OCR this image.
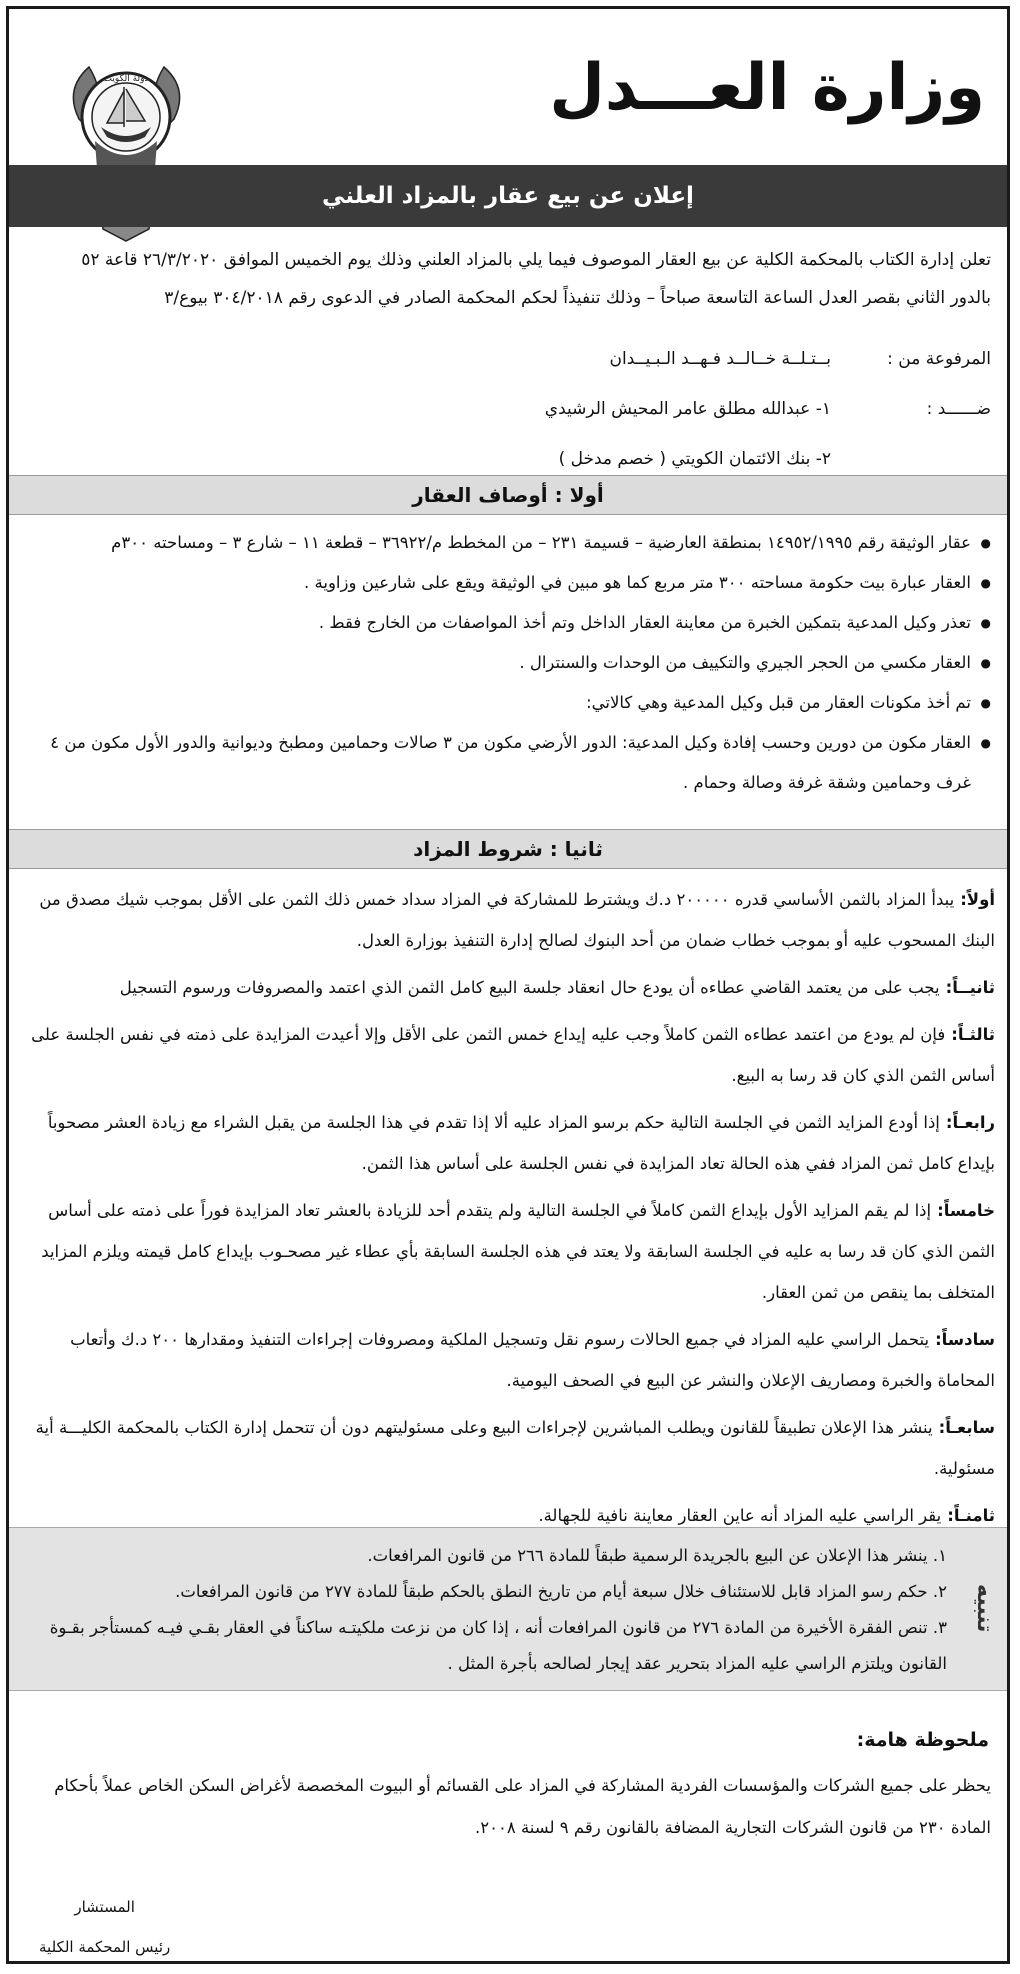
وزارة العـــدل
دولة الكويت
إعلان عن بيع عقار بالمزاد العلني

تعلن إدارة الكتاب بالمحكمة الكلية عن بيع العقار الموصوف فيما يلي بالمزاد العلني وذلك يوم الخميس الموافق ٢٦/٣/٢٠٢٠ قاعة ٥٢

بالدور الثاني بقصر العدل الساعة التاسعة صباحاً – وذلك تنفيذاً لحكم المحكمة الصادر في الدعوى رقم ٣٠٤/٢٠١٨ بيوع/٣

المرفوعة من :
بــتـلــة خــالــد فـهــد الـبـيــدان
ضــــــد :
١- عبدالله مطلق عامر المحيش الرشيدي
٢- بنك الائتمان الكويتي ( خصم مدخل )
أولا : أوصاف العقار
● عقار الوثيقة رقم ١٤٩٥٢/١٩٩٥ بمنطقة العارضية – قسيمة ٢٣١ – من المخطط م/٣٦٩٢٢ – قطعة ١١ – شارع ٣ – ومساحته ٣٠٠م
● العقار عبارة بيت حكومة مساحته ٣٠٠ متر مربع كما هو مبين في الوثيقة ويقع على شارعين وزاوية .
● تعذر وكيل المدعية بتمكين الخبرة من معاينة العقار الداخل وتم أخذ المواصفات من الخارج فقط .
● العقار مكسي من الحجر الجيري والتكييف من الوحدات والسنترال .
● تم أخذ مكونات العقار من قبل وكيل المدعية وهي كالاتي:
● العقار مكون من دورين وحسب إفادة وكيل المدعية: الدور الأرضي مكون من ٣ صالات وحمامين ومطبخ وديوانية والدور الأول مكون من ٤ غرف وحمامين وشقة غرفة وصالة وحمام .
ثانيا : شروط المزاد
أولاً:يبدأ المزاد بالثمن الأساسي قدره ٢٠٠٠٠٠ د.ك ويشترط للمشاركة في المزاد سداد خمس ذلك الثمن على الأقل بموجب شيك مصدق من البنك المسحوب عليه أو بموجب خطاب ضمان من أحد البنوك لصالح إدارة التنفيذ بوزارة العدل.
ثانيــاً:يجب على من يعتمد القاضي عطاءه أن يودع حال انعقاد جلسة البيع كامل الثمن الذي اعتمد والمصروفات ورسوم التسجيل
ثالثـاً:فإن لم يودع من اعتمد عطاءه الثمن كاملاً وجب عليه إيداع خمس الثمن على الأقل وإلا أعيدت المزايدة على ذمته في نفس الجلسة على أساس الثمن الذي كان قد رسا به البيع.
رابعـاً:إذا أودع المزايد الثمن في الجلسة التالية حكم برسو المزاد عليه ألا إذا تقدم في هذا الجلسة من يقبل الشراء مع زيادة العشر مصحوباً بإيداع كامل ثمن المزاد ففي هذه الحالة تعاد المزايدة في نفس الجلسة على أساس هذا الثمن.
خامساً:إذا لم يقم المزايد الأول بإيداع الثمن كاملاً في الجلسة التالية ولم يتقدم أحد للزيادة بالعشر تعاد المزايدة فوراً على ذمته على أساس الثمن الذي كان قد رسا به عليه في الجلسة السابقة ولا يعتد في هذه الجلسة السابقة بأي عطاء غير مصحـوب بإيداع كامل قيمته ويلزم المزايد المتخلف بما ينقص من ثمن العقار.
سادساً:يتحمل الراسي عليه المزاد في جميع الحالات رسوم نقل وتسجيل الملكية ومصروفات إجراءات التنفيذ ومقدارها ٢٠٠ د.ك وأتعاب المحاماة والخبرة ومصاريف الإعلان والنشر عن البيع في الصحف اليومية.
سابعـاً:ينشر هذا الإعلان تطبيقاً للقانون ويطلب المباشرين لإجراءات البيع وعلى مسئوليتهم دون أن تتحمل إدارة الكتاب بالمحكمة الكليـــة أية مسئولية.
ثامنـاً:يقر الراسي عليه المزاد أنه عاين العقار معاينة نافية للجهالة.
تنبيه
١. ينشر هذا الإعلان عن البيع بالجريدة الرسمية طبقاً للمادة ٢٦٦ من قانون المرافعات.
٢. حكم رسو المزاد قابل للاستئناف خلال سبعة أيام من تاريخ النطق بالحكم طبقاً للمادة ٢٧٧ من قانون المرافعات.
٣. تنص الفقرة الأخيرة من المادة ٢٧٦ من قانون المرافعات أنه ، إذا كان من نزعت ملكيتـه ساكناً في العقار بقـي فيـه كمستأجر بقـوة القانون ويلتزم الراسي عليه المزاد بتحرير عقد إيجار لصالحه بأجرة المثل .
ملحوظة هامة:

يحظر على جميع الشركات والمؤسسات الفردية المشاركة في المزاد على القسائم أو البيوت المخصصة لأغراض السكن الخاص عملاً بأحكام المادة ٢٣٠ من قانون الشركات التجارية المضافة بالقانون رقم ٩ لسنة ٢٠٠٨.

المستشار
رئيس المحكمة الكلية
